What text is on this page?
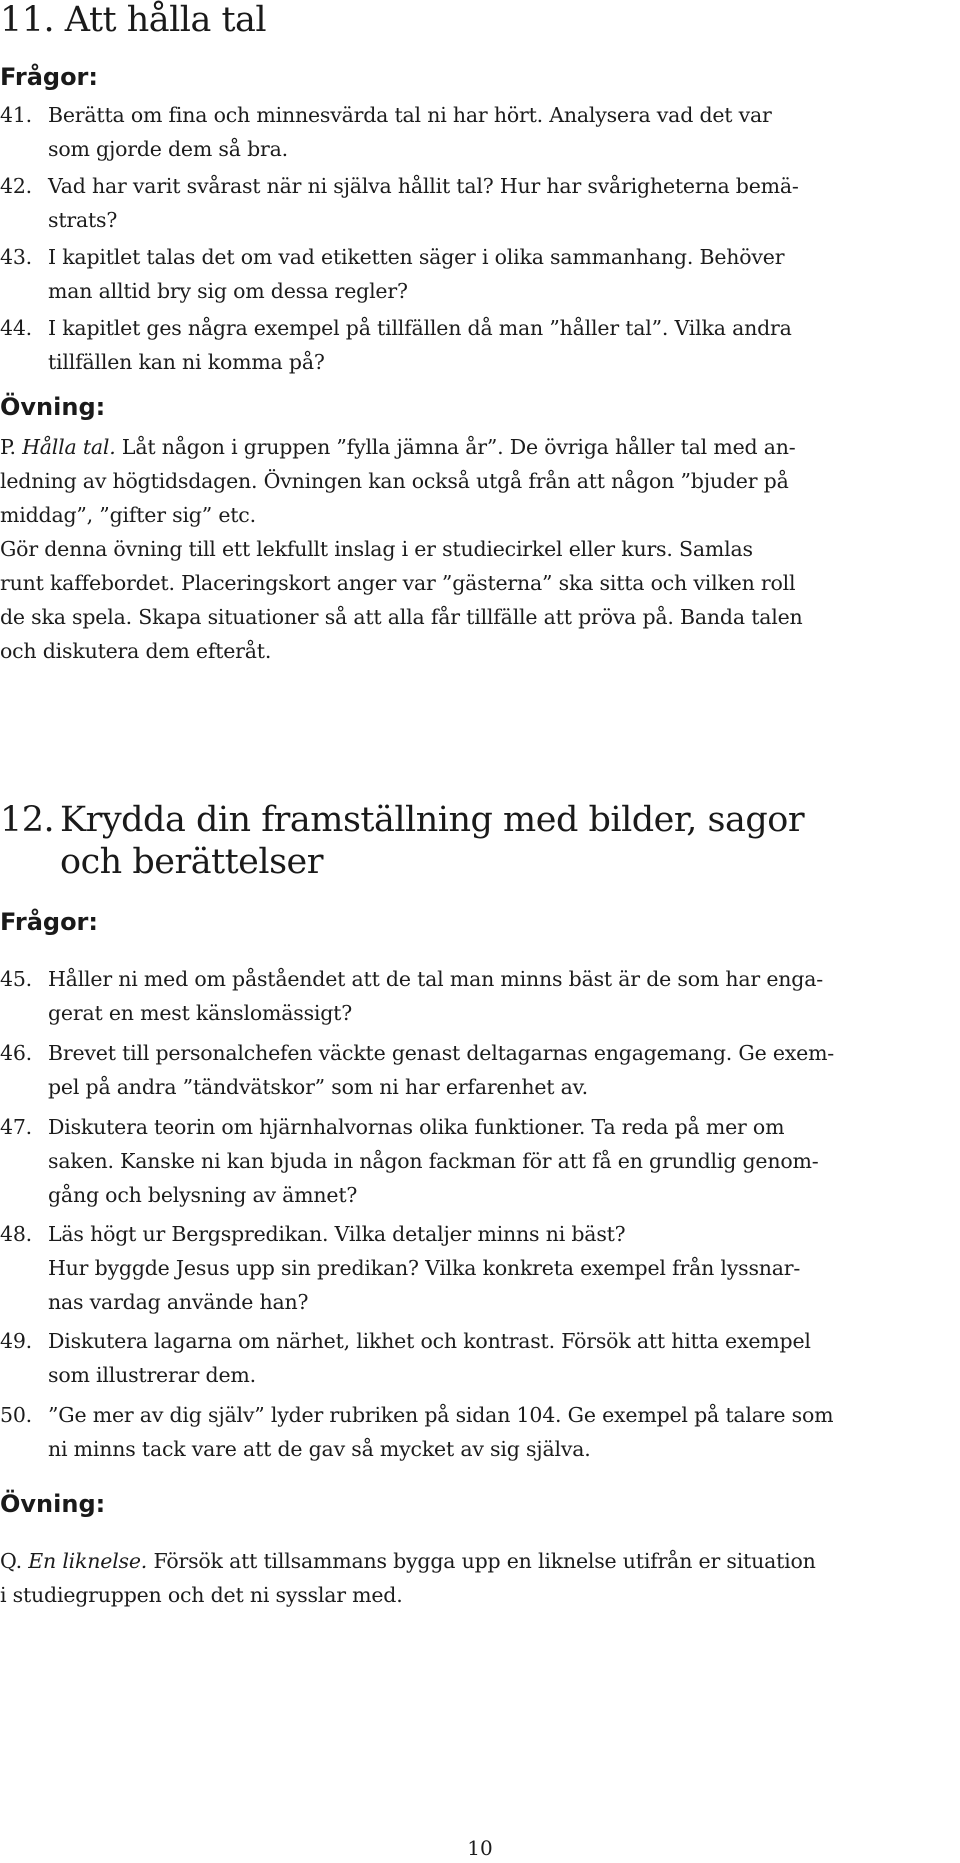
11. Att hålla tal
Frågor:
41. Berätta om fina och minnesvärda tal ni har hört. Analysera vad det var
som gjorde dem så bra.
42. Vad har varit svårast när ni själva hållit tal? Hur har svårigheterna bemä-
strats?
43. I kapitlet talas det om vad etiketten säger i olika sammanhang. Behöver
man alltid bry sig om dessa regler?
44. I kapitlet ges några exempel på tillfällen då man ”håller tal”. Vilka andra
tillfällen kan ni komma på?
Övning:
P. Hålla tal. Låt någon i gruppen ”fylla jämna år”. De övriga håller tal med an-
ledning av högtidsdagen. Övningen kan också utgå från att någon ”bjuder på
middag”, ”gifter sig” etc.
Gör denna övning till ett lekfullt inslag i er studiecirkel eller kurs. Samlas
runt kaffebordet. Placeringskort anger var ”gästerna” ska sitta och vilken roll
de ska spela. Skapa situationer så att alla får tillfälle att pröva på. Banda talen
och diskutera dem efteråt.
12. Krydda din framställning med bilder, sagor
och berättelser
Frågor:
45. Håller ni med om påståendet att de tal man minns bäst är de som har enga-
gerat en mest känslomässigt?
46. Brevet till personalchefen väckte genast deltagarnas engagemang. Ge exem-
pel på andra ”tändvätskor” som ni har erfarenhet av.
47. Diskutera teorin om hjärnhalvornas olika funktioner. Ta reda på mer om
saken. Kanske ni kan bjuda in någon fackman för att få en grundlig genom-
gång och belysning av ämnet?
48. Läs högt ur Bergspredikan. Vilka detaljer minns ni bäst?
Hur byggde Jesus upp sin predikan? Vilka konkreta exempel från lyssnar-
nas vardag använde han?
49. Diskutera lagarna om närhet, likhet och kontrast. Försök att hitta exempel
som illustrerar dem.
50. ”Ge mer av dig själv” lyder rubriken på sidan 104. Ge exempel på talare som
ni minns tack vare att de gav så mycket av sig själva.
Övning:
Q. En liknelse. Försök att tillsammans bygga upp en liknelse utifrån er situation
i studiegruppen och det ni sysslar med.
10
